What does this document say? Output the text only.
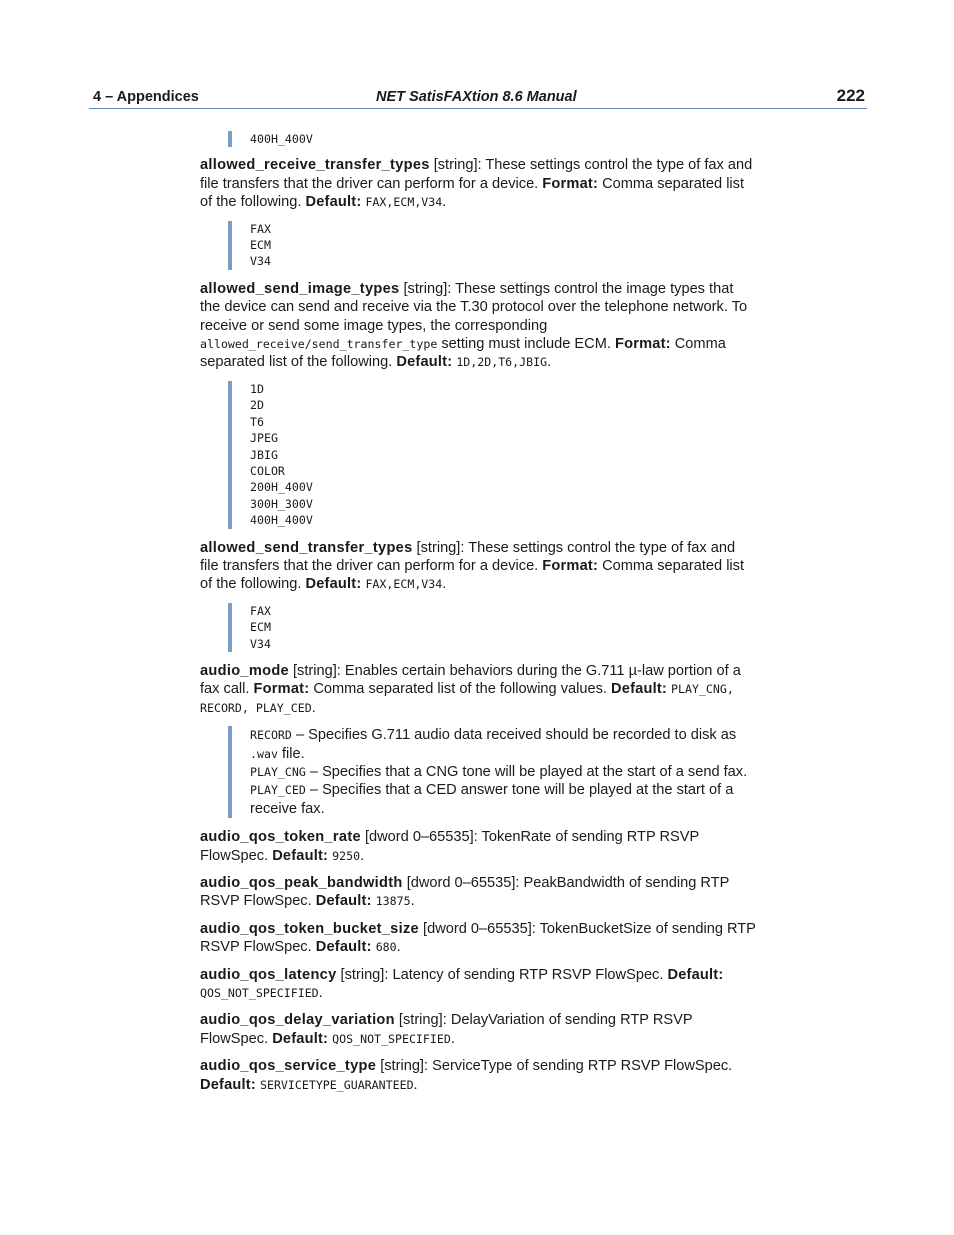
4 – Appendices	NET SatisFAXtion 8.6 Manual	222
400H_400V

allowed_receive_transfer_types [string]: These settings control the type of fax and file transfers that the driver can perform for a device. Format: Comma separated list of the following. Default: FAX,ECM,V34.

FAX
ECM
V34

allowed_send_image_types [string]: These settings control the image types that the device can send and receive via the T.30 protocol over the telephone network. To receive or send some image types, the corresponding allowed_receive/send_transfer_type setting must include ECM. Format: Comma separated list of the following. Default: 1D,2D,T6,JBIG.

1D
2D
T6
JPEG
JBIG
COLOR
200H_400V
300H_300V
400H_400V

allowed_send_transfer_types [string]: These settings control the type of fax and file transfers that the driver can perform for a device. Format: Comma separated list of the following. Default: FAX,ECM,V34.

FAX
ECM
V34

audio_mode [string]: Enables certain behaviors during the G.711 µ-law portion of a fax call. Format: Comma separated list of the following values. Default: PLAY_CNG, RECORD, PLAY_CED.

RECORD – Specifies G.711 audio data received should be recorded to disk as .wav file.
PLAY_CNG – Specifies that a CNG tone will be played at the start of a send fax.
PLAY_CED – Specifies that a CED answer tone will be played at the start of a receive fax.

audio_qos_token_rate [dword 0–65535]: TokenRate of sending RTP RSVP FlowSpec. Default: 9250.

audio_qos_peak_bandwidth [dword 0–65535]: PeakBandwidth of sending RTP RSVP FlowSpec. Default: 13875.

audio_qos_token_bucket_size [dword 0–65535]: TokenBucketSize of sending RTP RSVP FlowSpec. Default: 680.

audio_qos_latency [string]: Latency of sending RTP RSVP FlowSpec. Default: QOS_NOT_SPECIFIED.

audio_qos_delay_variation [string]: DelayVariation of sending RTP RSVP FlowSpec. Default: QOS_NOT_SPECIFIED.

audio_qos_service_type [string]: ServiceType of sending RTP RSVP FlowSpec. Default: SERVICETYPE_GUARANTEED.
